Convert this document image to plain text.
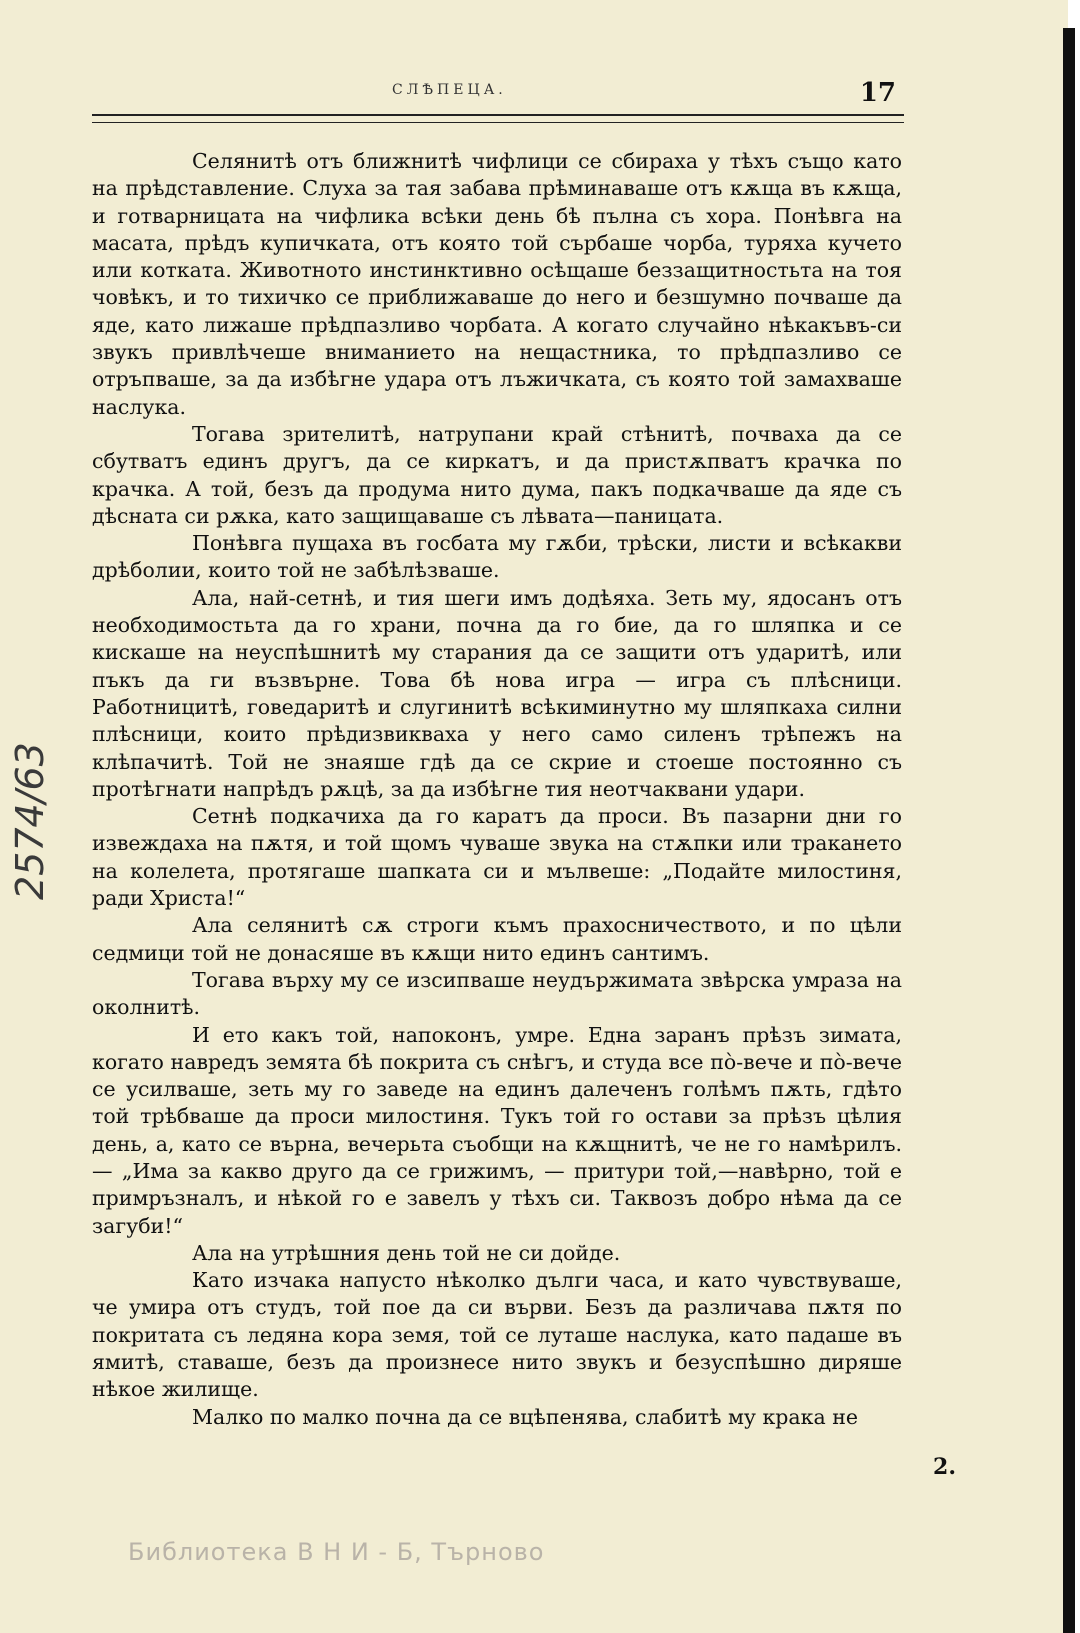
СЛѢПЕЦА.	17

Селянитѣ отъ ближнитѣ чифлици се сбираха у тѣхъ също като на прѣдставление. Слуха за тая забава прѣминаваше отъ кѫща въ кѫща, и готварницата на чифлика всѣки день бѣ пълна съ хора. Понѣвга на масата, прѣдъ купичката, отъ която той сърбаше чорба, туряха кучето или котката. Животното инстинктивно осѣщаше беззащитностьта на тоя човѣкъ, и то тихичко се приближаваше до него и безшумно почваше да яде, като лижаше прѣдпазливо чорбата. А когато случайно нѣкакъвъ-си звукъ привлѣчеше вниманието на нещастника, то прѣдпазливо се отръпваше, за да избѣгне удара отъ лъжичката, съ която той замахваше наслука.

Тогава зрителитѣ, натрупани край стѣнитѣ, почваха да се сбутватъ единъ другъ, да се киркатъ, и да пристѫпватъ крачка по крачка. А той, безъ да продума нито дума, пакъ подкачваше да яде съ дѣсната си рѫка, като защищаваше съ лѣвата—паницата.

Понѣвга пущаха въ госбата му гѫби, трѣски, листи и всѣкакви дрѣболии, които той не забѣлѣзваше.

Ала, най-сетнѣ, и тия шеги имъ додѣяха. Зеть му, ядосанъ отъ необходимостьта да го храни, почна да го бие, да го шляпка и се кискаше на неуспѣшнитѣ му старания да се защити отъ ударитѣ, или пъкъ да ги възвърне. Това бѣ нова игра — игра съ плѣсници. Работницитѣ, говедаритѣ и слугинитѣ всѣкиминутно му шляпкаха силни плѣсници, които прѣдизвикваха у него само силенъ трѣпежъ на клѣпачитѣ. Той не знаяше гдѣ да се скрие и стоеше постоянно съ протѣгнати напрѣдъ рѫцѣ, за да избѣгне тия неотчаквани удари.

Сетнѣ подкачиха да го каратъ да проси. Въ пазарни дни го извеждаха на пѫтя, и той щомъ чуваше звука на стѫпки или тракането на колелета, протягаше шапката си и мълвеше: „Подайте милостиня, ради Христа!“

Ала селянитѣ сѫ строги къмъ прахосничеството, и по цѣли седмици той не донасяше въ кѫщи нито единъ сантимъ.

Тогава върху му се изсипваше неудържимата звѣрска умраза на околнитѣ.

И ето какъ той, напоконъ, умре. Една заранъ прѣзъ зимата, когато навредъ земята бѣ покрита съ снѣгъ, и студа все пò-вече и пò-вече се усилваше, зеть му го заведе на единъ далеченъ голѣмъ пѫть, гдѣто той трѣбваше да проси милостиня. Тукъ той го остави за прѣзъ цѣлия день, а, като се върна, вечерьта съобщи на кѫщнитѣ, че не го намѣрилъ. — „Има за какво друго да се грижимъ, — притури той,—навѣрно, той е примръзналъ, и нѣкой го е завелъ у тѣхъ си. Таквозъ добро нѣма да се загуби!“

Ала на утрѣшния день той не си дойде.

Като изчака напусто нѣколко дълги часа, и като чувствуваше, че умира отъ студъ, той пое да си върви. Безъ да различава пѫтя по покритата съ ледяна кора земя, той се луташе наслука, като падаше въ ямитѣ, ставаше, безъ да произнесе нито звукъ и безуспѣшно диряше нѣкое жилище.

Малко по малко почна да се вцѣпенява, слабитѣ му крака не

2.
2574/63
Библиотека В Н И - Б, Търново
